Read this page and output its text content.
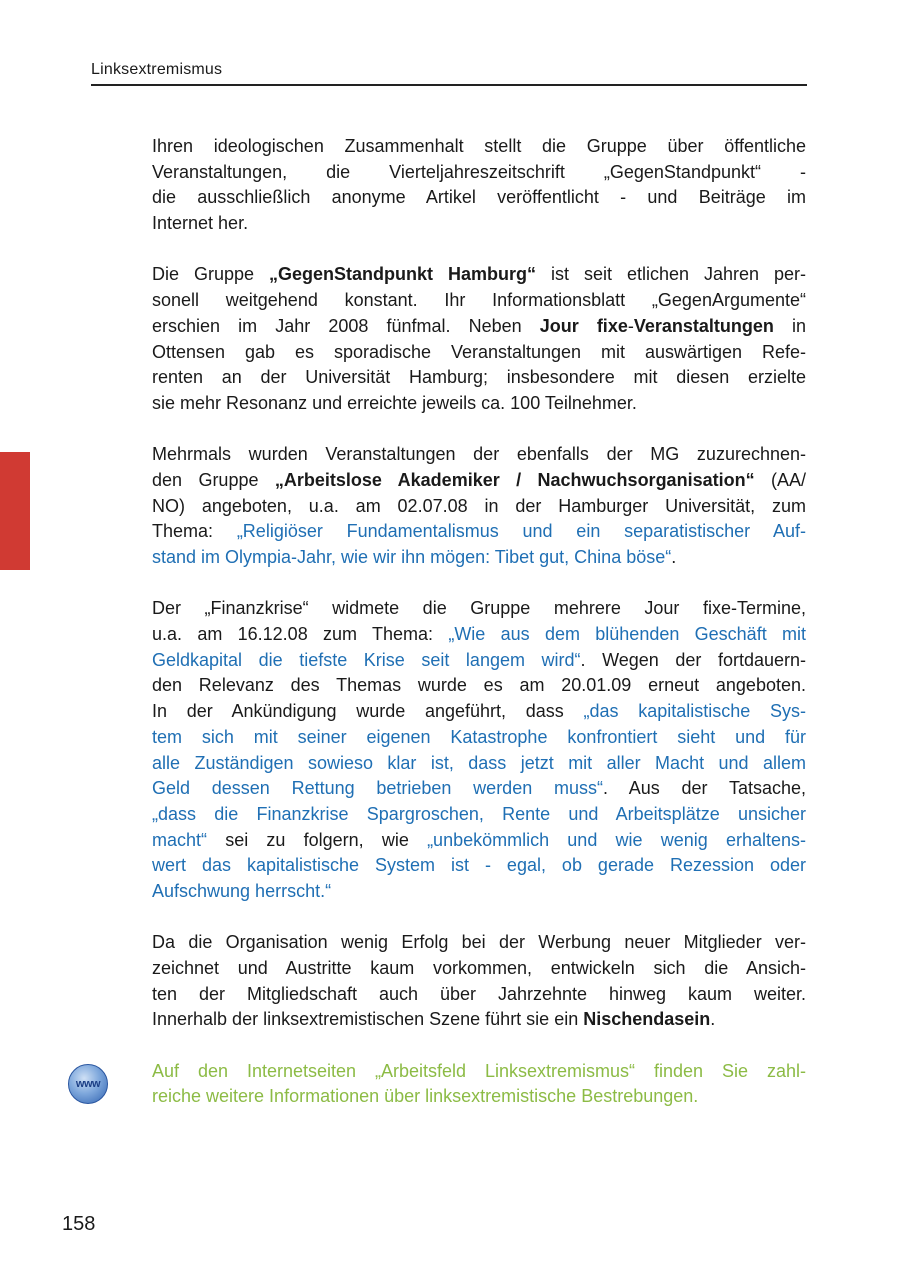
Linksextremismus
Ihren ideologischen Zusammenhalt stellt die Gruppe über öffentliche
Veranstaltungen, die Vierteljahreszeitschrift „GegenStandpunkt“ -
die ausschließlich anonyme Artikel veröffentlicht - und Beiträge im
Internet her.
Die Gruppe „GegenStandpunkt Hamburg“ ist seit etlichen Jahren per-
sonell weitgehend konstant. Ihr Informationsblatt „GegenArgumente“
erschien im Jahr 2008 fünfmal. Neben Jour fixe-Veranstaltungen in
Ottensen gab es sporadische Veranstaltungen mit auswärtigen Refe-
renten an der Universität Hamburg; insbesondere mit diesen erzielte
sie mehr Resonanz und erreichte jeweils ca. 100 Teilnehmer.
Mehrmals wurden Veranstaltungen der ebenfalls der MG zuzurechnen-
den Gruppe „Arbeitslose Akademiker / Nachwuchsorganisation“ (AA/
NO) angeboten, u.a. am 02.07.08 in der Hamburger Universität, zum
Thema: „Religiöser Fundamentalismus und ein separatistischer Auf-
stand im Olympia-Jahr, wie wir ihn mögen: Tibet gut, China böse“.
Der „Finanzkrise“ widmete die Gruppe mehrere Jour fixe-Termine,
u.a. am 16.12.08 zum Thema: „Wie aus dem blühenden Geschäft mit
Geldkapital die tiefste Krise seit langem wird“. Wegen der fortdauern-
den Relevanz des Themas wurde es am 20.01.09 erneut angeboten.
In der Ankündigung wurde angeführt, dass „das kapitalistische Sys-
tem sich mit seiner eigenen Katastrophe konfrontiert sieht und für
alle Zuständigen sowieso klar ist, dass jetzt mit aller Macht und allem
Geld dessen Rettung betrieben werden muss“. Aus der Tatsache,
„dass die Finanzkrise Spargroschen, Rente und Arbeitsplätze unsicher
macht“ sei zu folgern, wie „unbekömmlich und wie wenig erhaltens-
wert das kapitalistische System ist - egal, ob gerade Rezession oder
Aufschwung herrscht.“
Da die Organisation wenig Erfolg bei der Werbung neuer Mitglieder ver-
zeichnet und Austritte kaum vorkommen, entwickeln sich die Ansich-
ten der Mitgliedschaft auch über Jahrzehnte hinweg kaum weiter.
Innerhalb der linksextremistischen Szene führt sie ein Nischendasein.
Auf den Internetseiten „Arbeitsfeld Linksextremismus“ finden Sie zahl-
reiche weitere Informationen über linksextremistische Bestrebungen.
www
158
